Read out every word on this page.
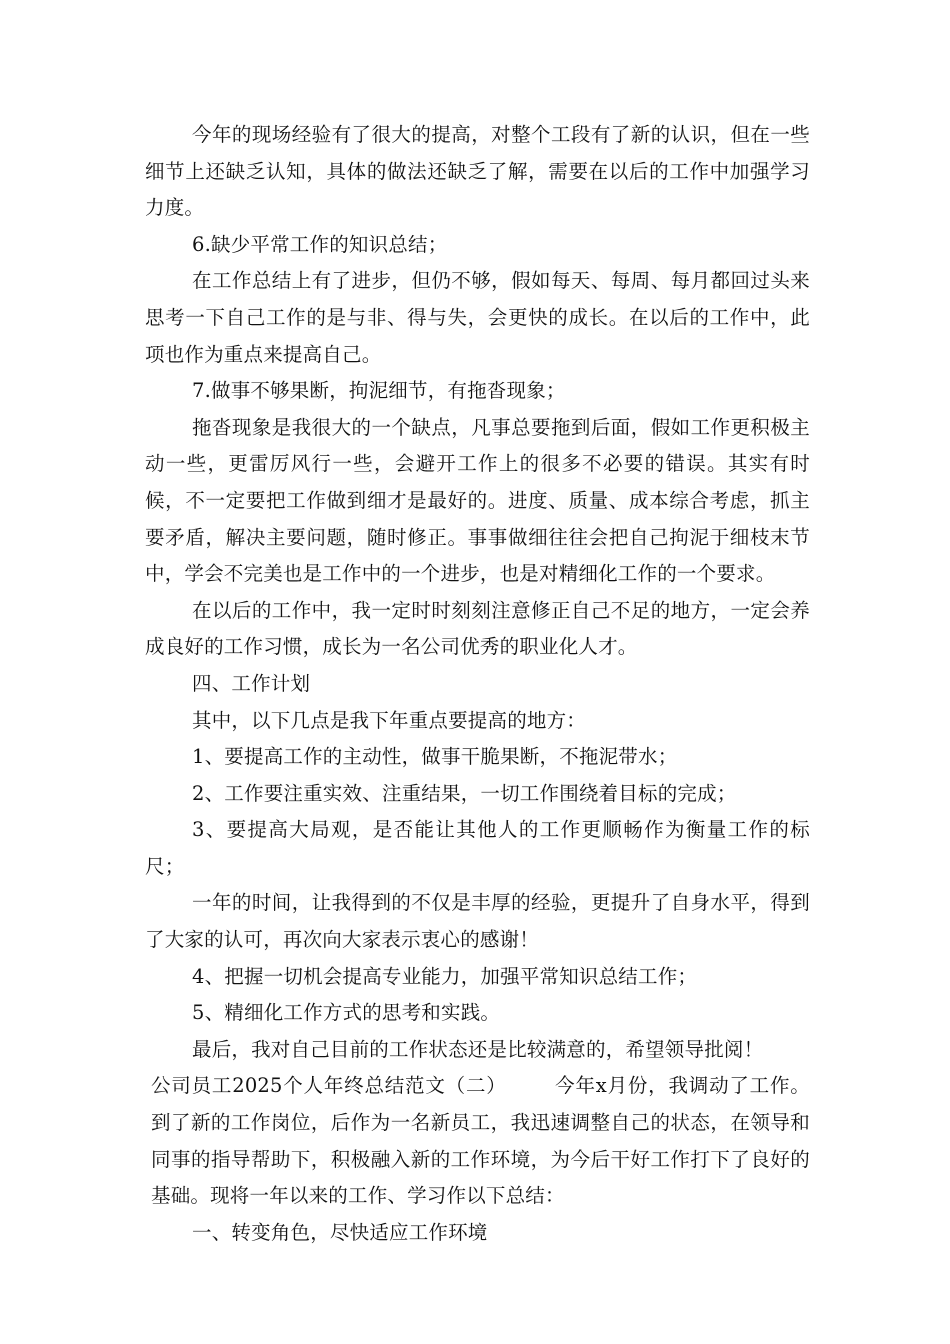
今年的现场经验有了很大的提高，对整个工段有了新的认识，但在一些细节上还缺乏认知，具体的做法还缺乏了解，需要在以后的工作中加强学习力度。

6.缺少平常工作的知识总结；

在工作总结上有了进步，但仍不够，假如每天、每周、每月都回过头来思考一下自己工作的是与非、得与失，会更快的成长。在以后的工作中，此项也作为重点来提高自己。

7.做事不够果断，拘泥细节，有拖沓现象；

拖沓现象是我很大的一个缺点，凡事总要拖到后面，假如工作更积极主动一些，更雷厉风行一些，会避开工作上的很多不必要的错误。其实有时候，不一定要把工作做到细才是最好的。进度、质量、成本综合考虑，抓主要矛盾，解决主要问题，随时修正。事事做细往往会把自己拘泥于细枝末节中，学会不完美也是工作中的一个进步，也是对精细化工作的一个要求。

在以后的工作中，我一定时时刻刻注意修正自己不足的地方，一定会养成良好的工作习惯，成长为一名公司优秀的职业化人才。

四、工作计划

其中，以下几点是我下年重点要提高的地方：

1、要提高工作的主动性，做事干脆果断，不拖泥带水；

2、工作要注重实效、注重结果，一切工作围绕着目标的完成；

3、要提高大局观，是否能让其他人的工作更顺畅作为衡量工作的标尺；

一年的时间，让我得到的不仅是丰厚的经验，更提升了自身水平，得到了大家的认可，再次向大家表示衷心的感谢！

4、把握一切机会提高专业能力，加强平常知识总结工作；

5、精细化工作方式的思考和实践。

最后，我对自己目前的工作状态还是比较满意的，希望领导批阅！

公司员工2025个人年终总结范文（二） 今年x月份，我调动了工作。到了新的工作岗位，后作为一名新员工，我迅速调整自己的状态，在领导和同事的指导帮助下，积极融入新的工作环境，为今后干好工作打下了良好的基础。现将一年以来的工作、学习作以下总结：

一、转变角色，尽快适应工作环境
